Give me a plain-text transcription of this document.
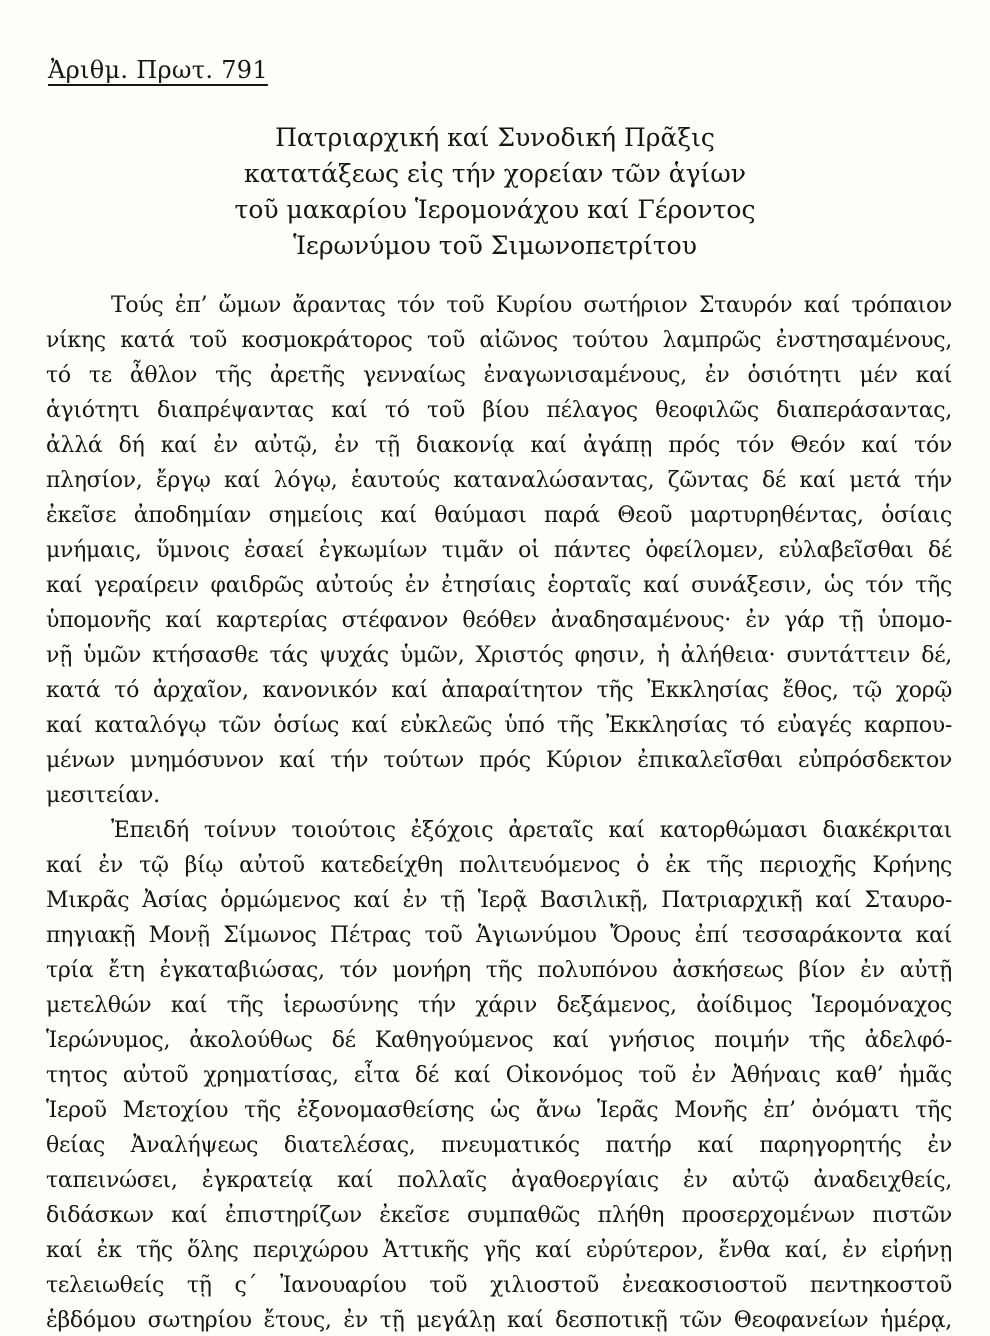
Ἀριθμ. Πρωτ. 791
Πατριαρχική καί Συνοδική Πρᾶξις
κατατάξεως εἰς τήν χορείαν τῶν ἁγίων
τοῦ μακαρίου Ἱερομονάχου καί Γέροντος
Ἱερωνύμου τοῦ Σιμωνοπετρίτου
Τούς ἐπ’ ὤμων ἄραντας τόν τοῦ Κυρίου σωτήριον Σταυρόν καί τρόπαιον
νίκης κατά τοῦ κοσμοκράτορος τοῦ αἰῶνος τούτου λαμπρῶς ἐνστησαμένους,
τό τε ἆθλον τῆς ἀρετῆς γενναίως ἐναγωνισαμένους, ἐν ὁσιότητι μέν καί
ἁγιότητι διαπρέψαντας καί τό τοῦ βίου πέλαγος θεοφιλῶς διαπεράσαντας,
ἀλλά δή καί ἐν αὐτῷ, ἐν τῇ διακονίᾳ καί ἀγάπῃ πρός τόν Θεόν καί τόν
πλησίον, ἔργῳ καί λόγῳ, ἑαυτούς καταναλώσαντας, ζῶντας δέ καί μετά τήν
ἐκεῖσε ἀποδημίαν σημείοις καί θαύμασι παρά Θεοῦ μαρτυρηθέντας, ὁσίαις
μνήμαις, ὕμνοις ἐσαεί ἐγκωμίων τιμᾶν οἱ πάντες ὀφείλομεν, εὐλαβεῖσθαι δέ
καί γεραίρειν φαιδρῶς αὐτούς ἐν ἐτησίαις ἑορταῖς καί συνάξεσιν, ὡς τόν τῆς
ὑπομονῆς καί καρτερίας στέφανον θεόθεν ἀναδησαμένους· ἐν γάρ τῇ ὑπομο-
νῇ ὑμῶν κτήσασθε τάς ψυχάς ὑμῶν, Χριστός φησιν, ἡ ἀλήθεια· συντάττειν δέ,
κατά τό ἀρχαῖον, κανονικόν καί ἀπαραίτητον τῆς Ἐκκλησίας ἔθος, τῷ χορῷ
καί καταλόγῳ τῶν ὁσίως καί εὐκλεῶς ὑπό τῆς Ἐκκλησίας τό εὐαγές καρπου-
μένων μνημόσυνον καί τήν τούτων πρός Κύριον ἐπικαλεῖσθαι εὐπρόσδεκτον
μεσιτείαν.
Ἐπειδή τοίνυν τοιούτοις ἐξόχοις ἀρεταῖς καί κατορθώμασι διακέκριται
καί ἐν τῷ βίῳ αὐτοῦ κατεδείχθη πολιτευόμενος ὁ ἐκ τῆς περιοχῆς Κρήνης
Μικρᾶς Ἀσίας ὁρμώμενος καί ἐν τῇ Ἱερᾷ Βασιλικῇ, Πατριαρχικῇ καί Σταυρο-
πηγιακῇ Μονῇ Σίμωνος Πέτρας τοῦ Ἁγιωνύμου Ὄρους ἐπί τεσσαράκοντα καί
τρία ἔτη ἐγκαταβιώσας, τόν μονήρη τῆς πολυπόνου ἀσκήσεως βίον ἐν αὐτῇ
μετελθών καί τῆς ἱερωσύνης τήν χάριν δεξάμενος, ἀοίδιμος Ἱερομόναχος
Ἱερώνυμος, ἀκολούθως δέ Καθηγούμενος καί γνήσιος ποιμήν τῆς ἀδελφό-
τητος αὐτοῦ χρηματίσας, εἶτα δέ καί Οἰκονόμος τοῦ ἐν Ἀθήναις καθ’ ἡμᾶς
Ἱεροῦ Μετοχίου τῆς ἐξονομασθείσης ὡς ἄνω Ἱερᾶς Μονῆς ἐπ’ ὀνόματι τῆς
θείας Ἀναλήψεως διατελέσας, πνευματικός πατήρ καί παρηγορητής ἐν
ταπεινώσει, ἐγκρατείᾳ καί πολλαῖς ἀγαθοεργίαις ἐν αὐτῷ ἀναδειχθείς,
διδάσκων καί ἐπιστηρίζων ἐκεῖσε συμπαθῶς πλήθη προσερχομένων πιστῶν
καί ἐκ τῆς ὅλης περιχώρου Ἀττικῆς γῆς καί εὐρύτερον, ἔνθα καί, ἐν εἰρήνῃ
τελειωθείς τῇ ς´ Ἰανουαρίου τοῦ χιλιοστοῦ ἐνεακοσιοστοῦ πεντηκοστοῦ
ἑβδόμου σωτηρίου ἔτους, ἐν τῇ μεγάλῃ καί δεσποτικῇ τῶν Θεοφανείων ἡμέρᾳ,
